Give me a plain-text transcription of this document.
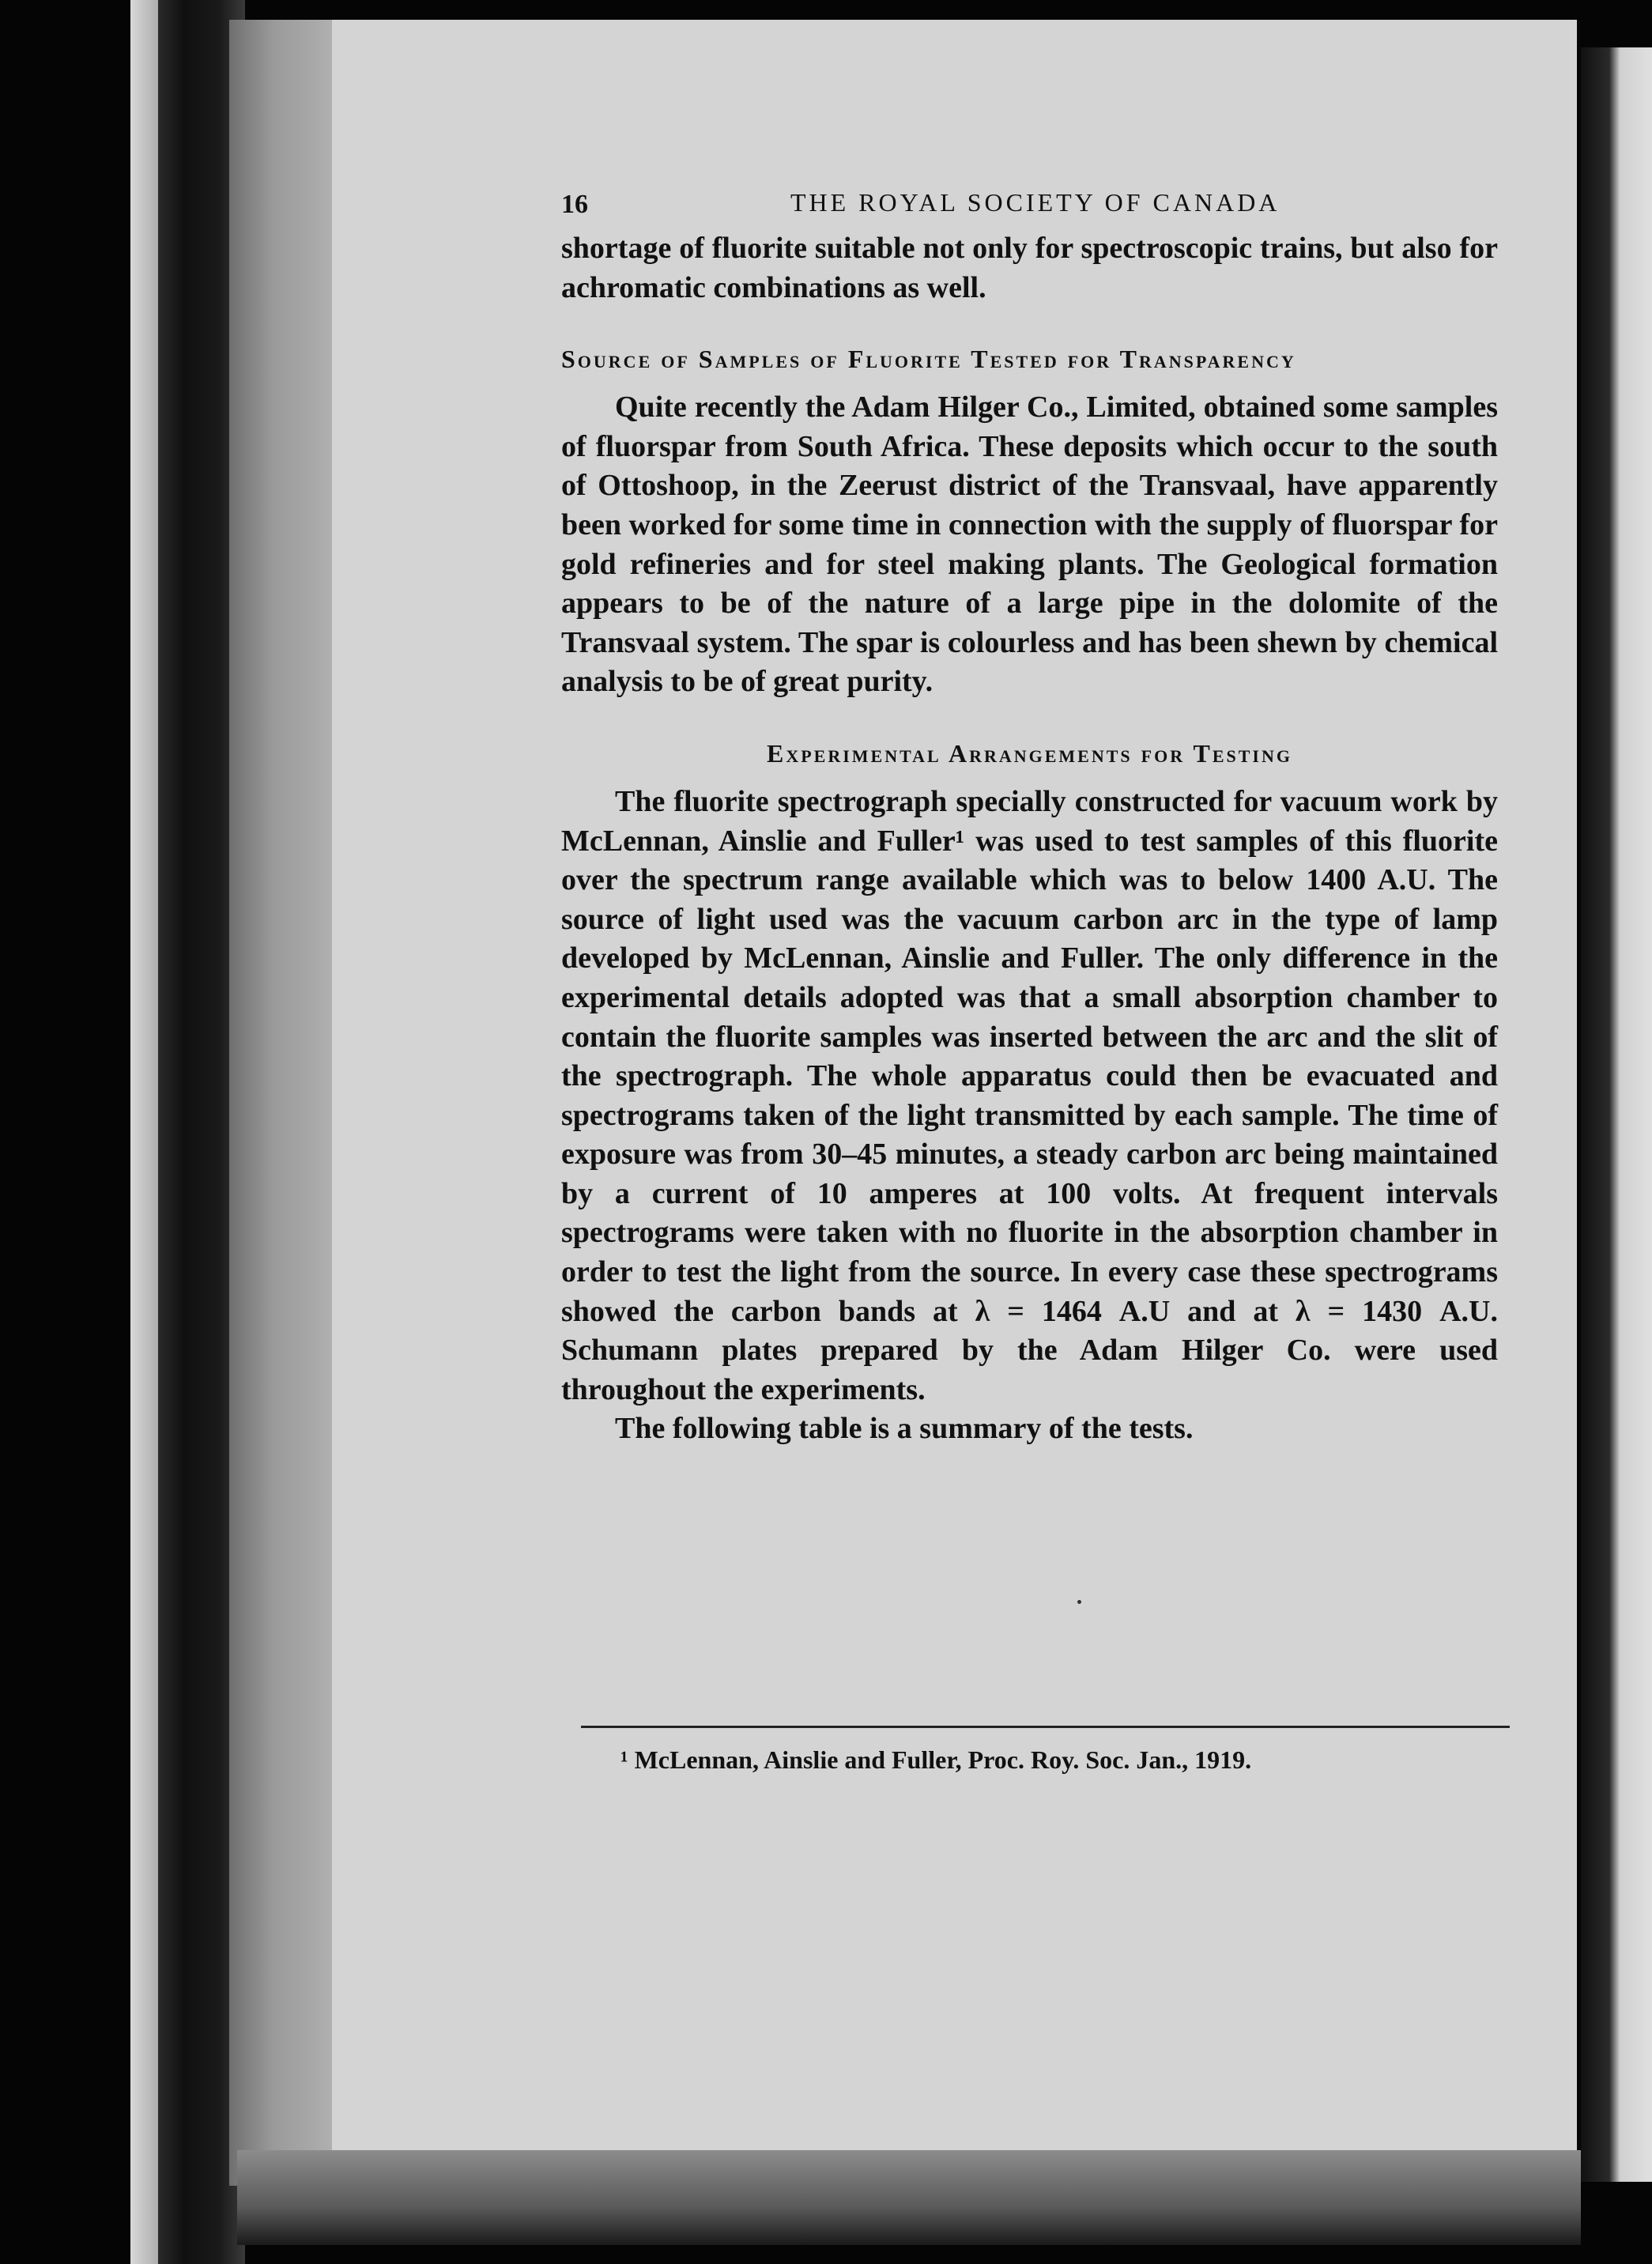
16	THE ROYAL SOCIETY OF CANADA

shortage of fluorite suitable not only for spectroscopic trains, but also for achromatic combinations as well.

Source of Samples of Fluorite Tested for Transparency

Quite recently the Adam Hilger Co., Limited, obtained some samples of fluorspar from South Africa. These deposits which occur to the south of Ottoshoop, in the Zeerust district of the Transvaal, have apparently been worked for some time in connection with the supply of fluorspar for gold refineries and for steel making plants. The Geological formation appears to be of the nature of a large pipe in the dolomite of the Transvaal system. The spar is colourless and has been shewn by chemical analysis to be of great purity.

Experimental Arrangements for Testing

The fluorite spectrograph specially constructed for vacuum work by McLennan, Ainslie and Fuller¹ was used to test samples of this fluorite over the spectrum range available which was to below 1400 A.U. The source of light used was the vacuum carbon arc in the type of lamp developed by McLennan, Ainslie and Fuller. The only difference in the experimental details adopted was that a small absorption chamber to contain the fluorite samples was inserted between the arc and the slit of the spectrograph. The whole apparatus could then be evacuated and spectrograms taken of the light transmitted by each sample. The time of exposure was from 30–45 minutes, a steady carbon arc being maintained by a current of 10 amperes at 100 volts. At frequent intervals spectrograms were taken with no fluorite in the absorption chamber in order to test the light from the source. In every case these spectrograms showed the carbon bands at λ = 1464 A.U and at λ = 1430 A.U. Schumann plates prepared by the Adam Hilger Co. were used throughout the experiments.

The following table is a summary of the tests.

¹ McLennan, Ainslie and Fuller, Proc. Roy. Soc. Jan., 1919.
